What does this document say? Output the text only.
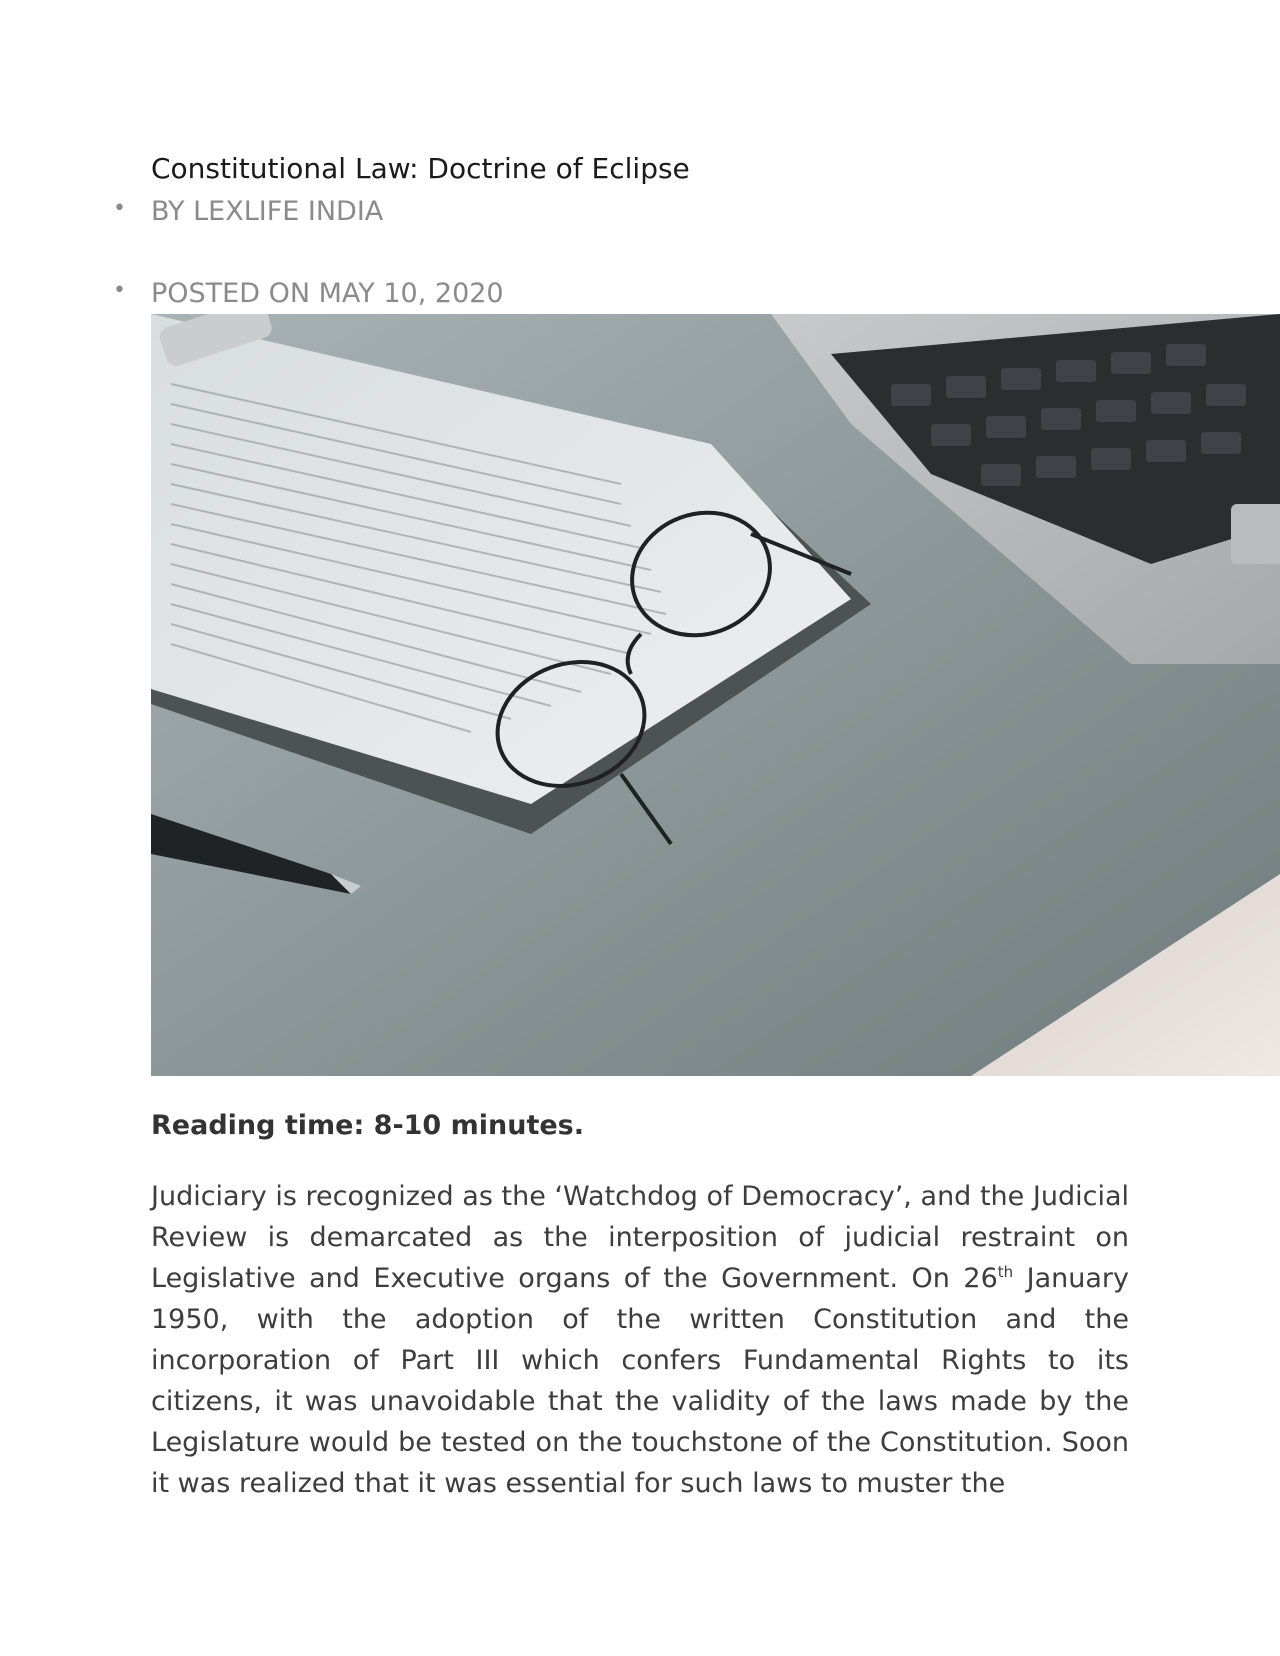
Constitutional Law: Doctrine of Eclipse
• BY LEXLIFE INDIA
• POSTED ON MAY 10, 2020

Reading time: 8-10 minutes.

Judiciary is recognized as the ‘Watchdog of Democracy’, and the Judicial Review is demarcated as the interposition of judicial restraint on Legislative and Executive organs of the Government. On 26th January 1950, with the adoption of the written Constitution and the incorporation of Part III which confers Fundamental Rights to its citizens, it was unavoidable that the validity of the laws made by the Legislature would be tested on the touchstone of the Constitution. Soon it was realized that it was essential for such laws to muster the
